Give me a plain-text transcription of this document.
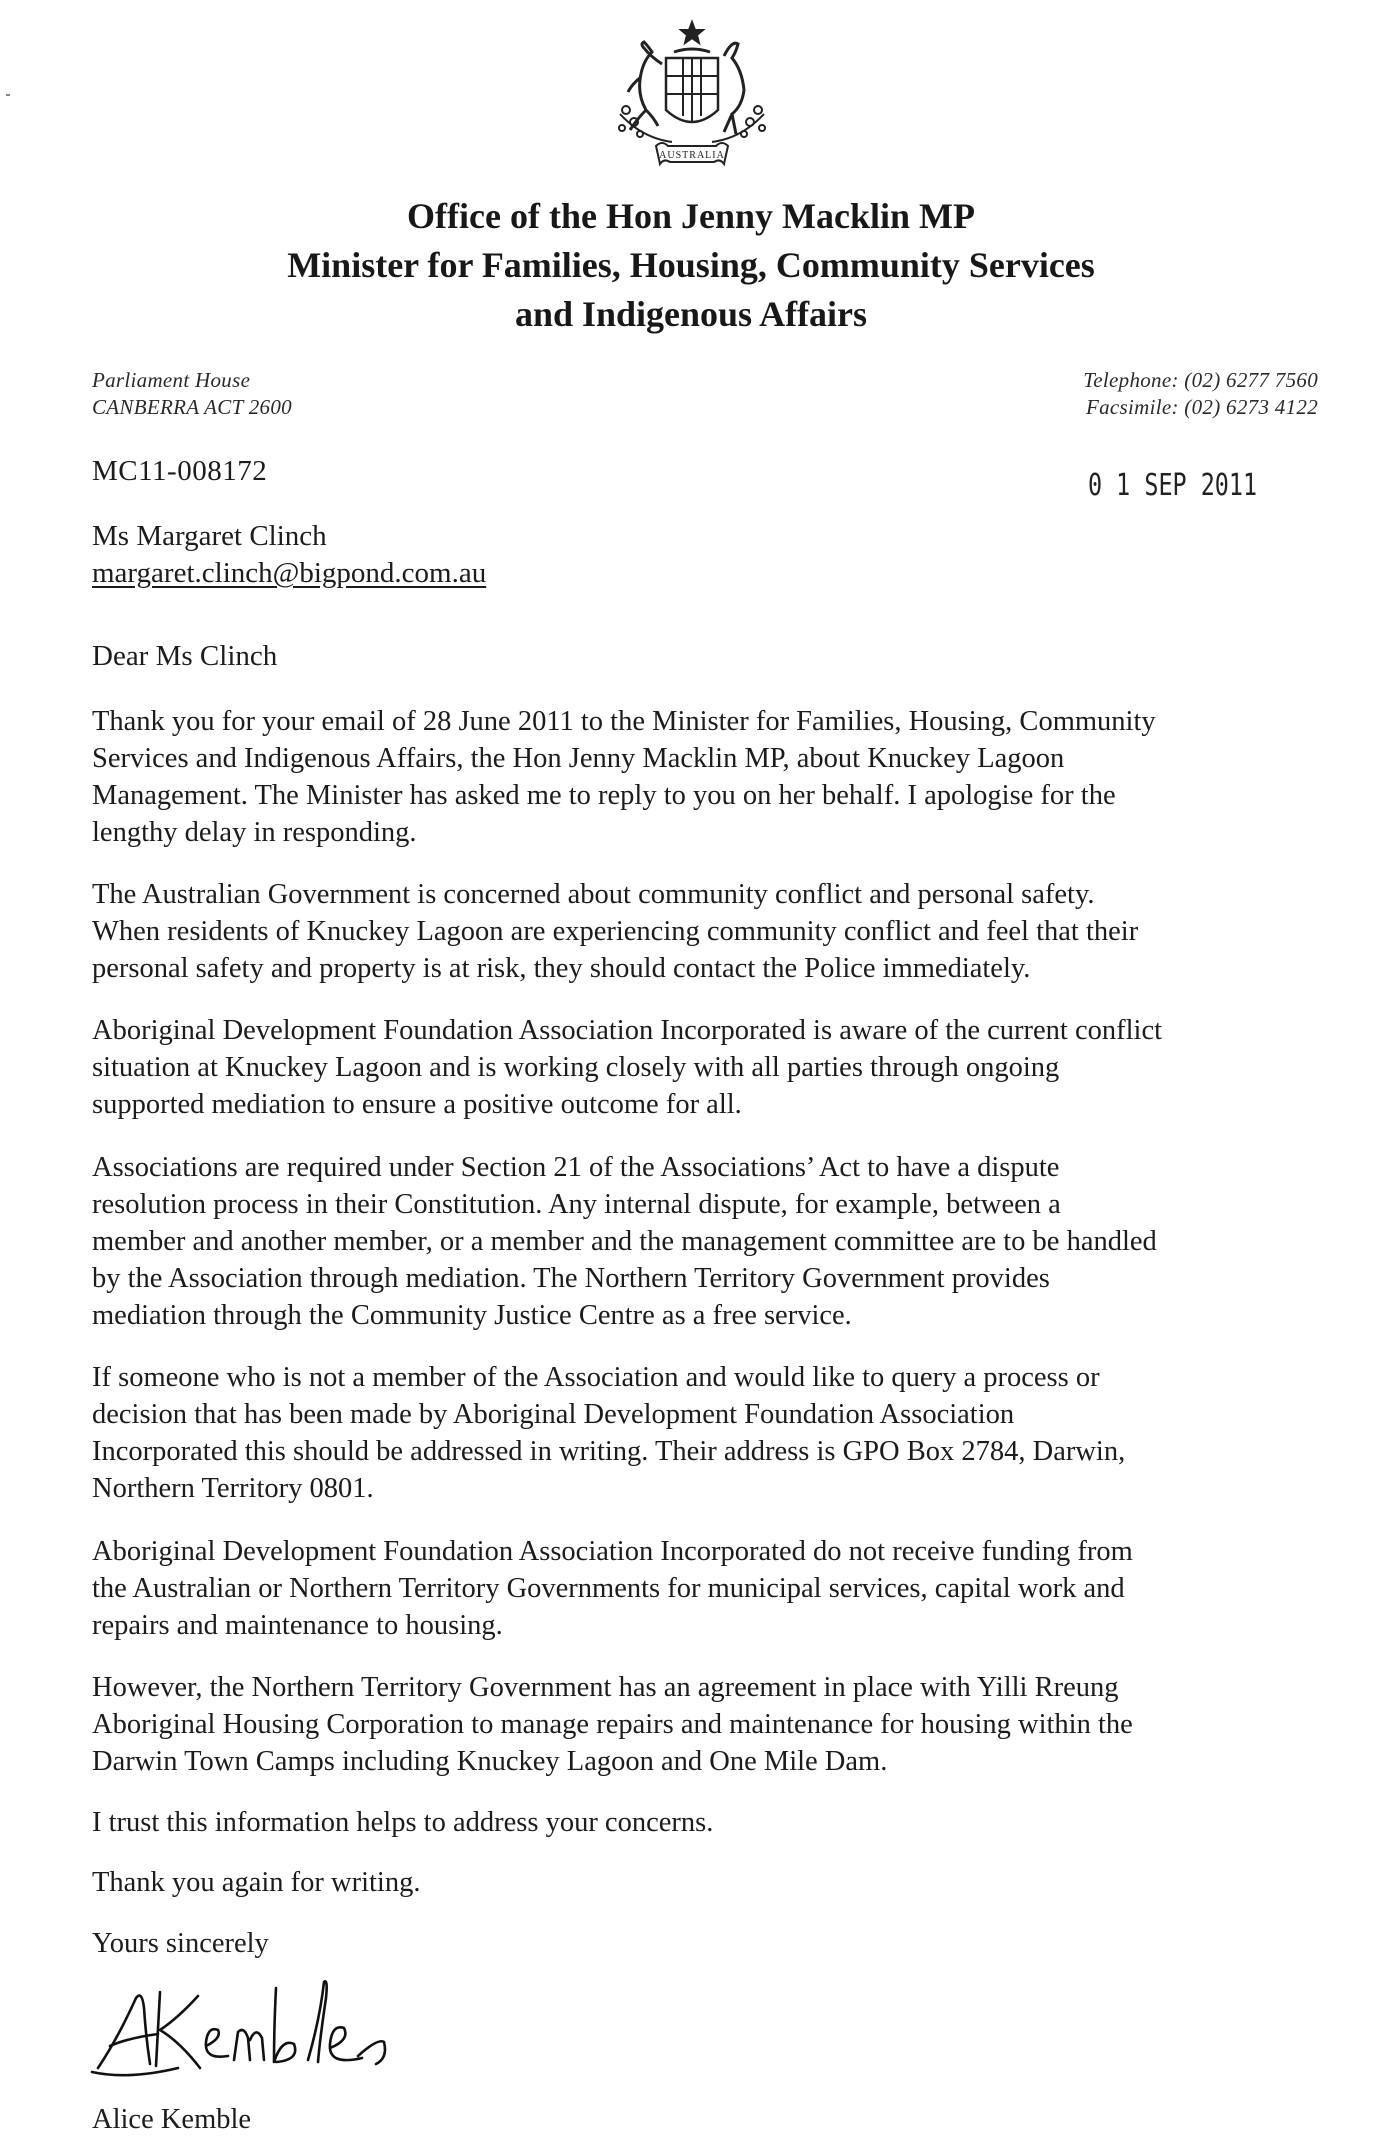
AUSTRALIA
Office of the Hon Jenny Macklin MP
Minister for Families, Housing, Community Services
and Indigenous Affairs
Parliament House
CANBERRA ACT 2600
Telephone: (02) 6277 7560
Facsimile: (02) 6273 4122
MC11-008172	0 1 SEP 2011
Ms Margaret Clinch
margaret.clinch@bigpond.com.au
Dear Ms Clinch
Thank you for your email of 28 June 2011 to the Minister for Families, Housing, Community
Services and Indigenous Affairs, the Hon Jenny Macklin MP, about Knuckey Lagoon
Management. The Minister has asked me to reply to you on her behalf. I apologise for the
lengthy delay in responding.
The Australian Government is concerned about community conflict and personal safety.
When residents of Knuckey Lagoon are experiencing community conflict and feel that their
personal safety and property is at risk, they should contact the Police immediately.
Aboriginal Development Foundation Association Incorporated is aware of the current conflict
situation at Knuckey Lagoon and is working closely with all parties through ongoing
supported mediation to ensure a positive outcome for all.
Associations are required under Section 21 of the Associations’ Act to have a dispute
resolution process in their Constitution. Any internal dispute, for example, between a
member and another member, or a member and the management committee are to be handled
by the Association through mediation. The Northern Territory Government provides
mediation through the Community Justice Centre as a free service.
If someone who is not a member of the Association and would like to query a process or
decision that has been made by Aboriginal Development Foundation Association
Incorporated this should be addressed in writing. Their address is GPO Box 2784, Darwin,
Northern Territory 0801.
Aboriginal Development Foundation Association Incorporated do not receive funding from
the Australian or Northern Territory Governments for municipal services, capital work and
repairs and maintenance to housing.
However, the Northern Territory Government has an agreement in place with Yilli Rreung
Aboriginal Housing Corporation to manage repairs and maintenance for housing within the
Darwin Town Camps including Knuckey Lagoon and One Mile Dam.
I trust this information helps to address your concerns.
Thank you again for writing.
Yours sincerely
Alice Kemble
